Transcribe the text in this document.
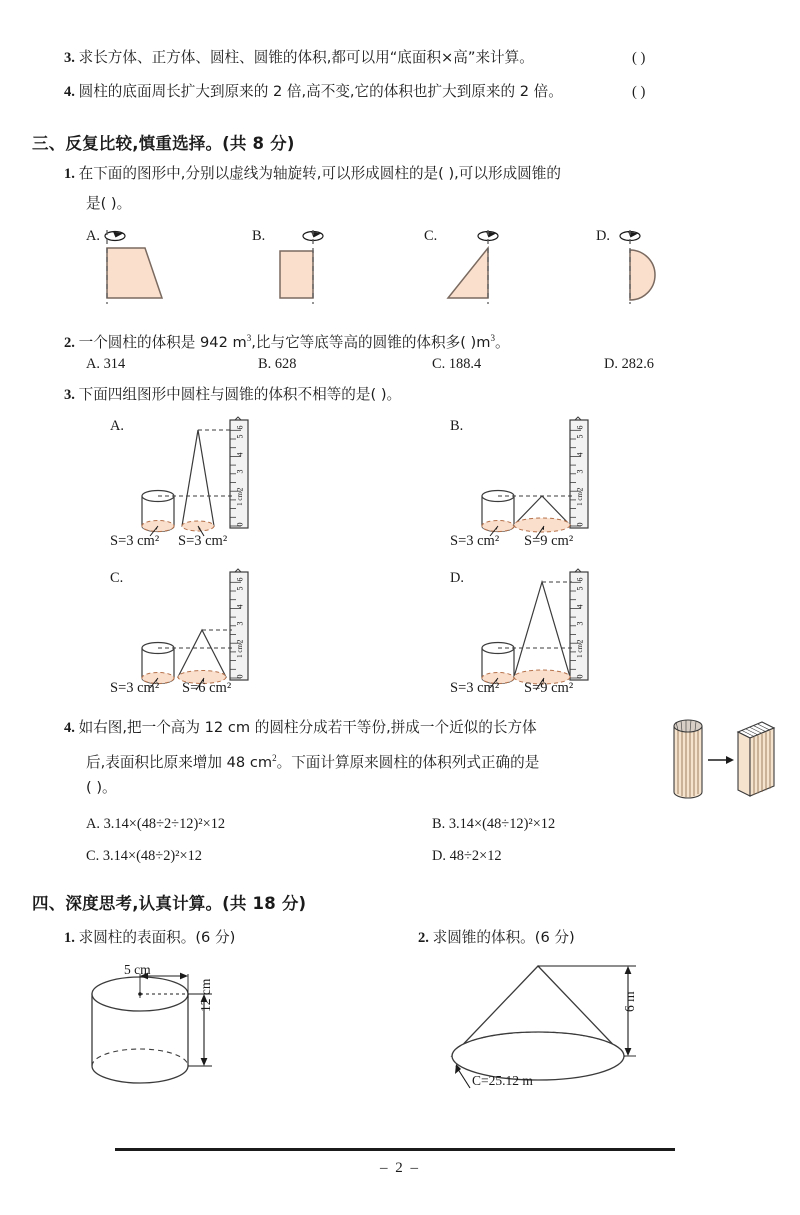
3. 求长方体、正方体、圆柱、圆锥的体积,都可以用“底面积×高”来计算。	( )
4. 圆柱的底面周长扩大到原来的 2 倍,高不变,它的体积也扩大到原来的 2 倍。	( )
三、反复比较,慎重选择。(共 8 分)
1. 在下面的图形中,分别以虚线为轴旋转,可以形成圆柱的是( ),可以形成圆锥的
是( )。
A.	B.	C.	D.
2. 一个圆柱的体积是 942 $m^3$,比与它等底等高的圆锥的体积多( )$m^3$。
A. 314	B. 628	C. 188.4	D. 282.6
3. 下面四组图形中圆柱与圆锥的体积不相等的是( )。
A.
0
1 cm
2
3
4
5
6
S=3 cm² S=3 cm²
B.
0
1 cm
2
3
4
5
6
S=3 cm² S=9 cm²
C.
0
1 cm
2
3
4
5
6
S=3 cm² S=6 cm²
D.
0
1 cm
2
3
4
5
6
S=3 cm² S=9 cm²
4. 如右图,把一个高为 12 cm 的圆柱分成若干等份,拼成一个近似的长方体
后,表面积比原来增加 48 $cm^2$。下面计算原来圆柱的体积列式正确的是
( )。
A. 3.14×(48÷2÷12)²×12	B. 3.14×(48÷12)²×12
C. 3.14×(48÷2)²×12	D. 48÷2×12
四、深度思考,认真计算。(共 18 分)
1. 求圆柱的表面积。(6 分)	2. 求圆锥的体积。(6 分)
5 cm
12 cm	6 m
C=25.12 m
– 2 –
